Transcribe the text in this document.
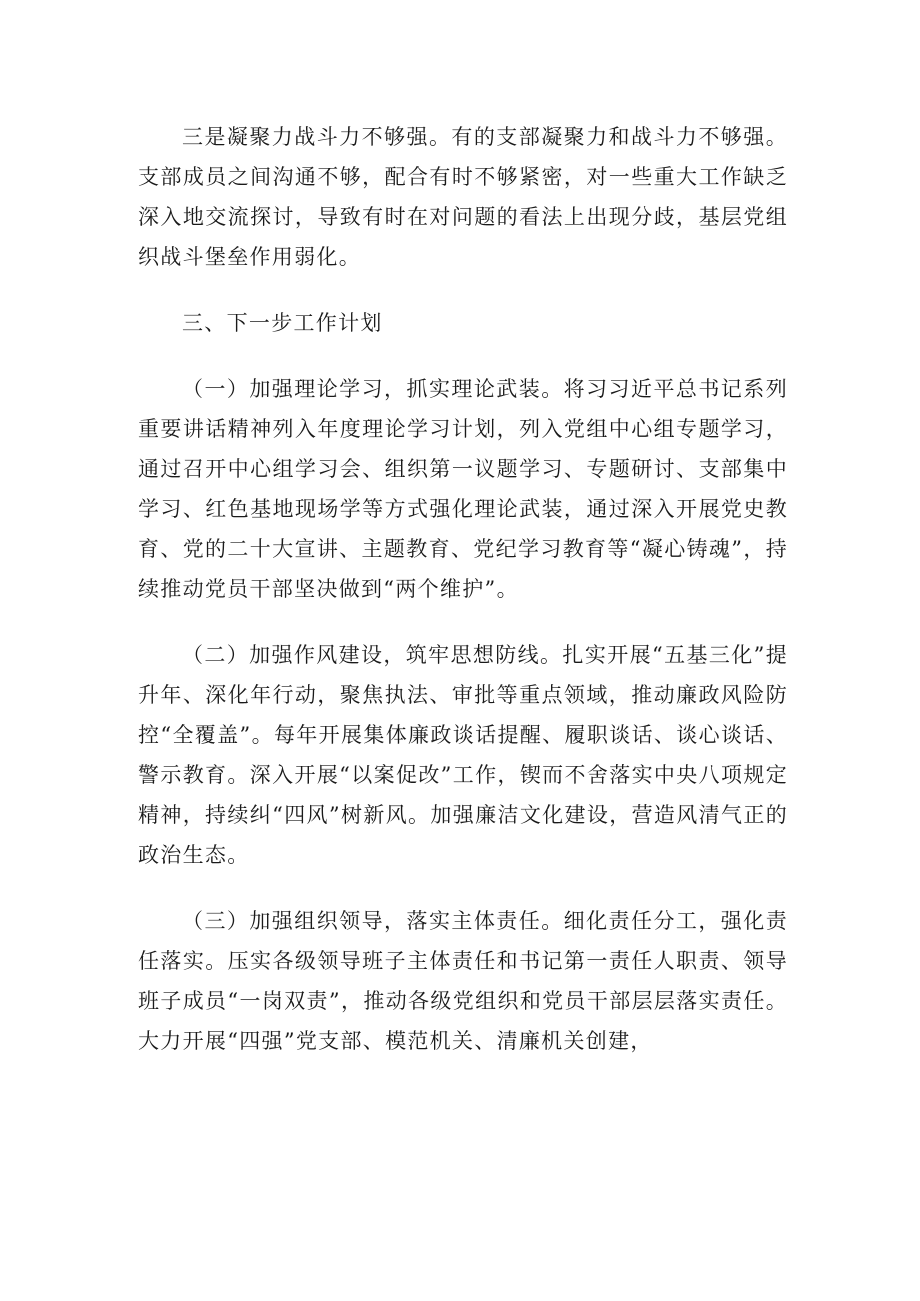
三是凝聚力战斗力不够强。有的支部凝聚力和战斗力不够强。支部成员之间沟通不够，配合有时不够紧密，对一些重大工作缺乏深入地交流探讨，导致有时在对问题的看法上出现分歧，基层党组织战斗堡垒作用弱化。

三、下一步工作计划

（一）加强理论学习，抓实理论武装。将习习近平总书记系列重要讲话精神列入年度理论学习计划，列入党组中心组专题学习，通过召开中心组学习会、组织第一议题学习、专题研讨、支部集中学习、红色基地现场学等方式强化理论武装，通过深入开展党史教育、党的二十大宣讲、主题教育、党纪学习教育等“凝心铸魂”，持续推动党员干部坚决做到“两个维护”。

（二）加强作风建设，筑牢思想防线。扎实开展“五基三化”提升年、深化年行动，聚焦执法、审批等重点领域，推动廉政风险防控“全覆盖”。每年开展集体廉政谈话提醒、履职谈话、谈心谈话、警示教育。深入开展“以案促改”工作，锲而不舍落实中央八项规定精神，持续纠“四风”树新风。加强廉洁文化建设，营造风清气正的政治生态。

（三）加强组织领导，落实主体责任。细化责任分工，强化责任落实。压实各级领导班子主体责任和书记第一责任人职责、领导班子成员“一岗双责”，推动各级党组织和党员干部层层落实责任。大力开展“四强”党支部、模范机关、清廉机关创建，
